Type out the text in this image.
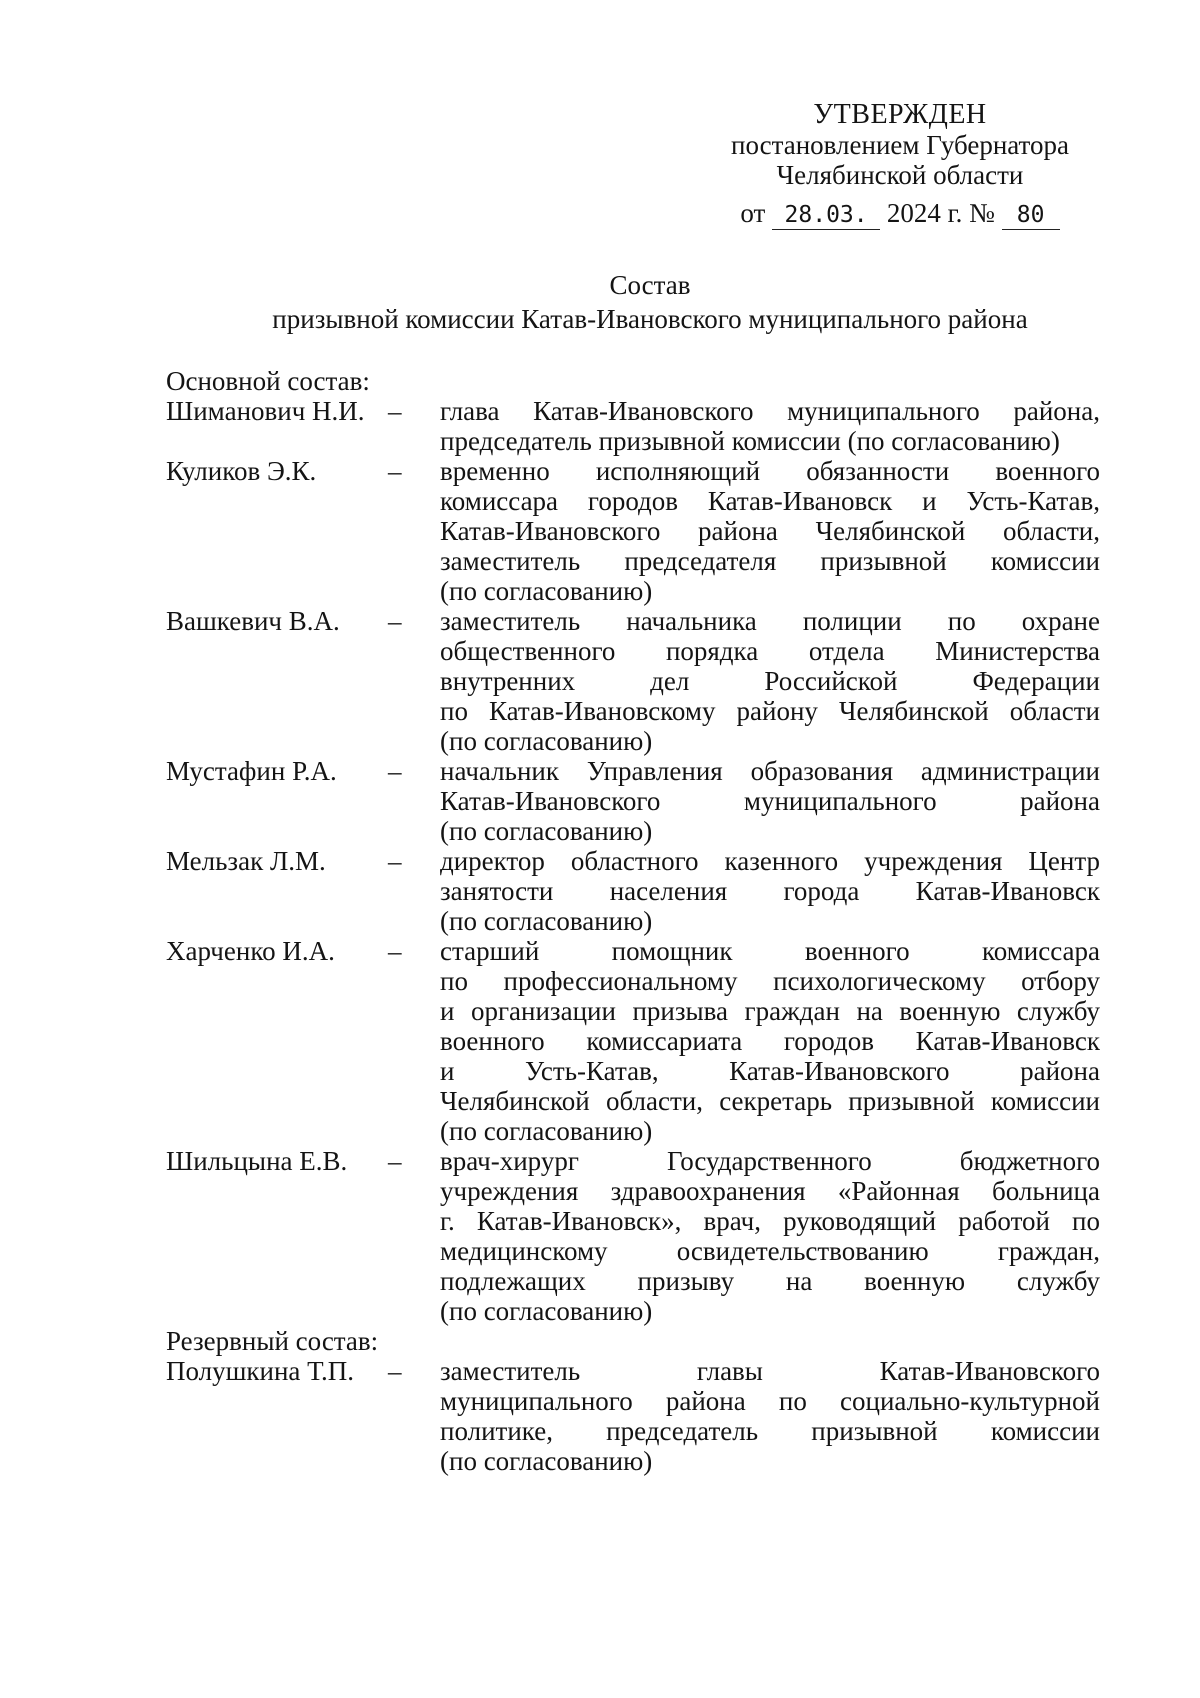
УТВЕРЖДЕН
постановлением Губернатора
Челябинской области
от 28.03. 2024 г. № 80
Состав
призывной комиссии Катав-Ивановского муниципального района
Основной состав:
Шиманович Н.И. –	глава Катав-Ивановского муниципального района,
председатель призывной комиссии (по согласованию)
Куликов Э.К.	–	временно исполняющий обязанности военного
комиссара городов Катав-Ивановск и Усть-Катав,
Катав-Ивановского района Челябинской области,
заместитель председателя призывной комиссии
(по согласованию)
Вашкевич В.А.	–	заместитель начальника полиции по охране
общественного порядка отдела Министерства
внутренних дел Российской Федерации
по Катав-Ивановскому району Челябинской области
(по согласованию)
Мустафин Р.А.	–	начальник Управления образования администрации
Катав-Ивановского муниципального района
(по согласованию)
Мельзак Л.М.	–	директор областного казенного учреждения Центр
занятости населения города Катав-Ивановск
(по согласованию)
Харченко И.А.	–	старший помощник военного комиссара
по профессиональному психологическому отбору
и организации призыва граждан на военную службу
военного комиссариата городов Катав-Ивановск
и Усть-Катав, Катав-Ивановского района
Челябинской области, секретарь призывной комиссии
(по согласованию)
Шильцына Е.В.	–	врач-хирург Государственного бюджетного
учреждения здравоохранения «Районная больница
г. Катав-Ивановск», врач, руководящий работой по
медицинскому освидетельствованию граждан,
подлежащих призыву на военную службу
(по согласованию)
Резервный состав:
Полушкина Т.П.	–	заместитель главы Катав-Ивановского
муниципального района по социально-культурной
политике, председатель призывной комиссии
(по согласованию)
